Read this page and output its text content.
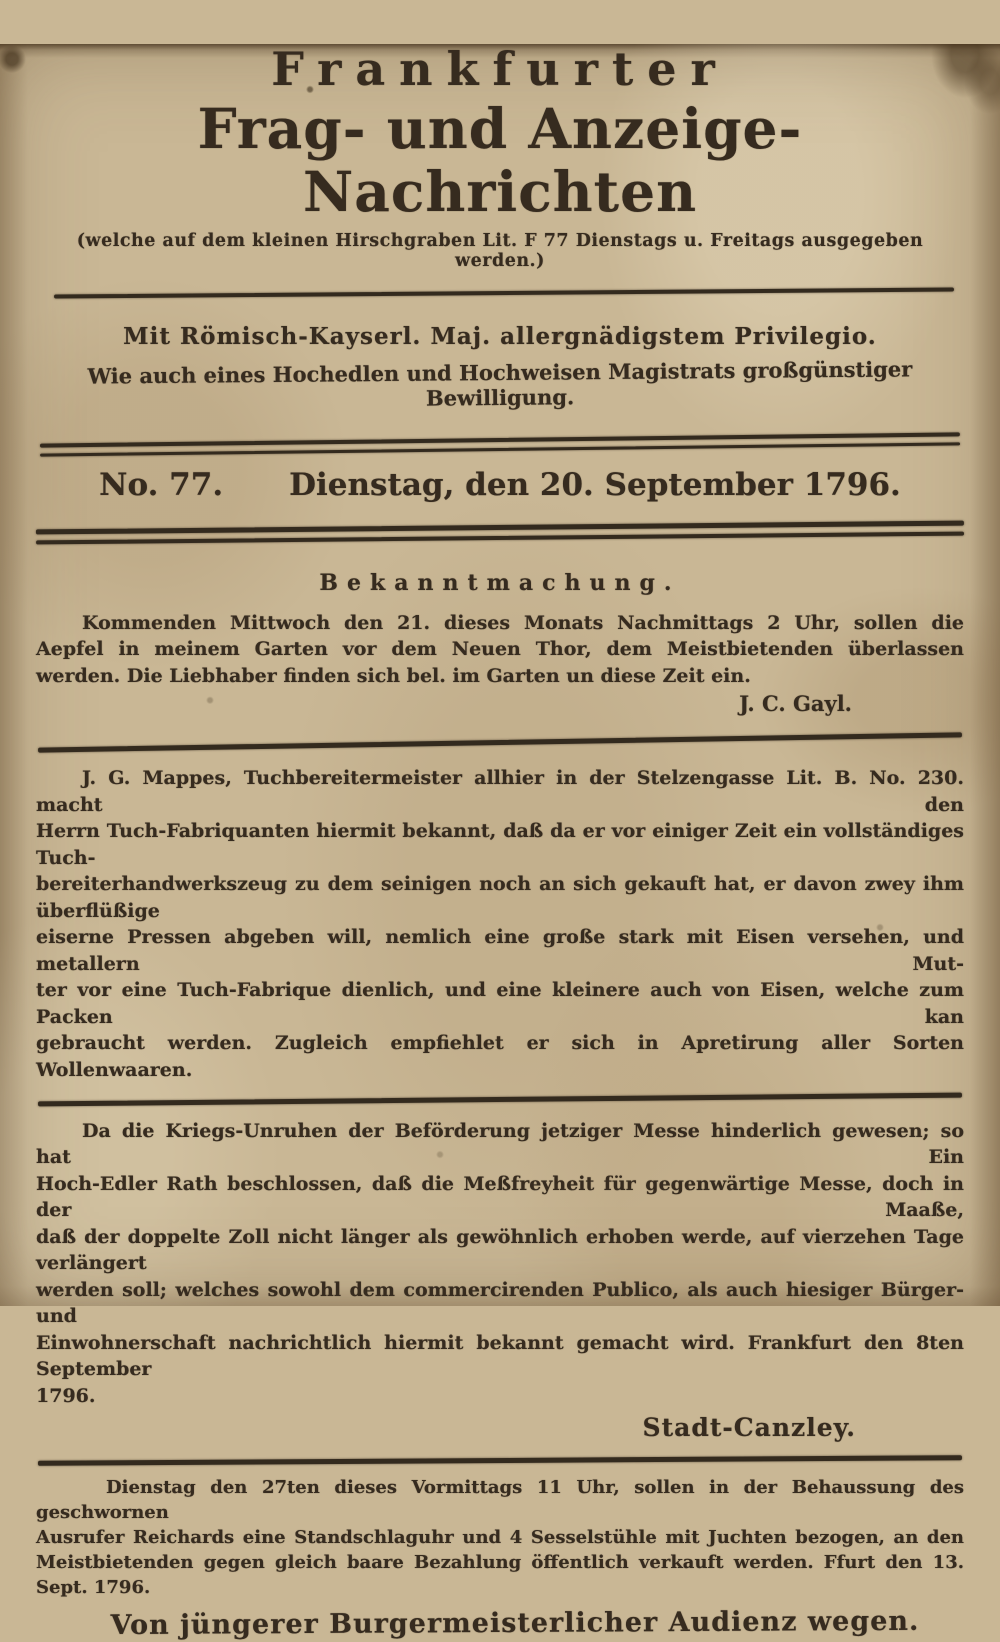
Frankfurter
Frag- und Anzeige-Nachrichten
(welche auf dem kleinen Hirschgraben Lit. F 77 Dienstags u. Freitags ausgegeben werden.)
Mit Römisch-Kayserl. Maj. allergnädigstem Privilegio.
Wie auch eines Hochedlen und Hochweisen Magistrats großgünstiger Bewilligung.
No. 77. Dienstag, den 20. September 1796.
Bekanntmachung.
Kommenden Mittwoch den 21. dieses Monats Nachmittags 2 Uhr, sollen die
Aepfel in meinem Garten vor dem Neuen Thor, dem Meistbietenden überlassen
werden. Die Liebhaber finden sich bel. im Garten un diese Zeit ein.
J. C. Gayl.
J. G. Mappes, Tuchbereitermeister allhier in der Stelzengasse Lit. B. No. 230. macht den
Herrn Tuch-Fabriquanten hiermit bekannt, daß da er vor einiger Zeit ein vollständiges Tuch-
bereiterhandwerkszeug zu dem seinigen noch an sich gekauft hat, er davon zwey ihm überflüßige
eiserne Pressen abgeben will, nemlich eine große stark mit Eisen versehen, und metallern Mut-
ter vor eine Tuch-Fabrique dienlich, und eine kleinere auch von Eisen, welche zum Packen kan
gebraucht werden. Zugleich empfiehlet er sich in Apretirung aller Sorten Wollenwaaren.
Da die Kriegs-Unruhen der Beförderung jetziger Messe hinderlich gewesen; so hat Ein
Hoch-Edler Rath beschlossen, daß die Meßfreyheit für gegenwärtige Messe, doch in der Maaße,
daß der doppelte Zoll nicht länger als gewöhnlich erhoben werde, auf vierzehen Tage verlängert
werden soll; welches sowohl dem commercirenden Publico, als auch hiesiger Bürger- und
Einwohnerschaft nachrichtlich hiermit bekannt gemacht wird. Frankfurt den 8ten September
1796.
Stadt-Canzley.
Dienstag den 27ten dieses Vormittags 11 Uhr, sollen in der Behaussung des geschwornen
Ausrufer Reichards eine Standschlaguhr und 4 Sesselstühle mit Juchten bezogen, an den
Meistbietenden gegen gleich baare Bezahlung öffentlich verkauft werden. Ffurt den 13. Sept. 1796.
Von jüngerer Burgermeisterlicher Audienz wegen.
